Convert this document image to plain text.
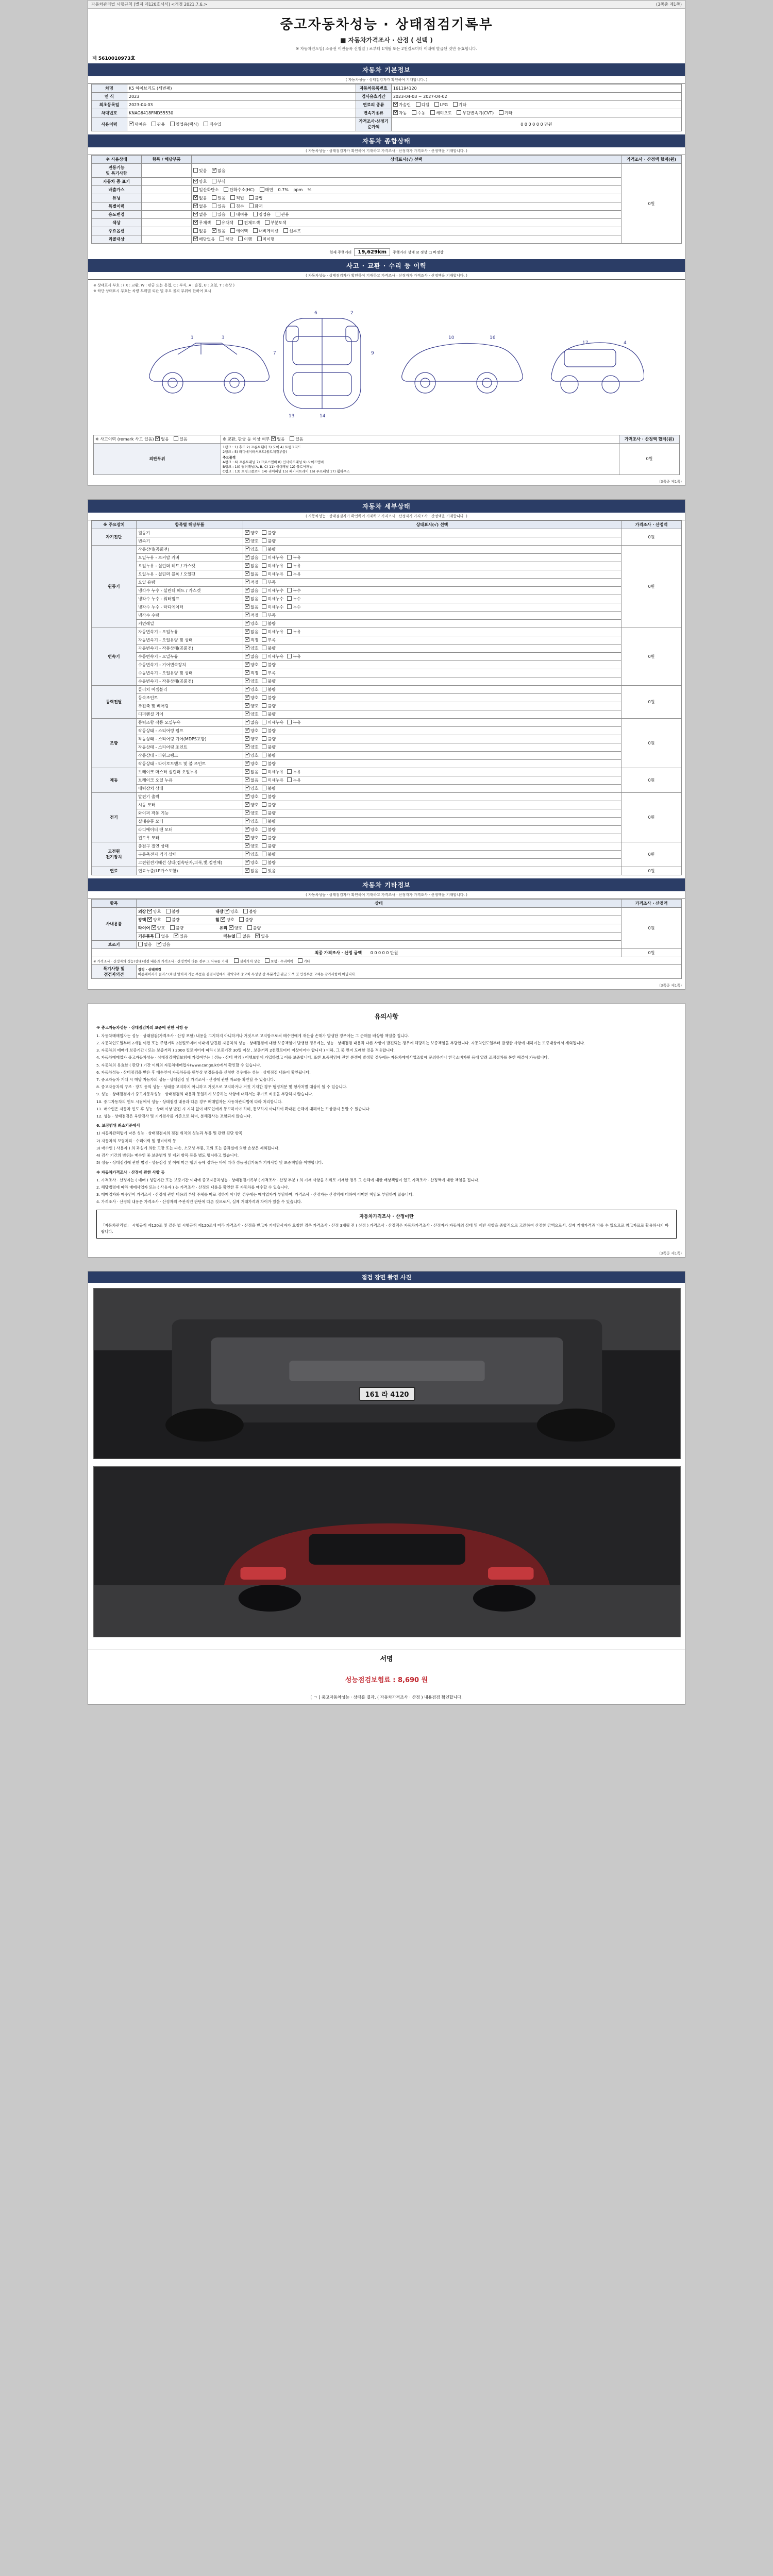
자동차관리법 시행규칙 [별지 제120호서식] <개정 2021.7.6.>	(3쪽중 제1쪽)
중고자동차성능 · 상태점검기록부
■ 자동차가격조사 · 산정 ( 선택 )
※ 자동차인도일( 소유권 이전등록 신청일 ) 로부터 1개월 또는 2천킬로미터 이내에 발급된 것만 유효합니다.
제 5610010973호
자동차 기본정보
( 자동차성능 · 상태점검자가 확인하여 기재합니다. )
차명	K5 하이브리드 (세번째)	자동차등록번호	161194120
연 식	2023	검사유효기간	2023-04-03 ~ 2027-04-02
최초등록일	2023-04-03	연료의 종류	가솔린 디젤 LPG 기타
차대번호	KNAG6418FMD55530	변속기종류	자동 수동 세미오토 무단변속기(CVT) 기타
사용이력	대여용 관용 영업용(택시) 직수입	가격조사·산정기준가액	0 0 0 0 0 0 만원
자동차 종합상태
( 자동차성능 · 상태점검자가 확인하여 기재하고 가격조사 · 산정자가 가격조사 · 산정액을 기재합니다. )
※ 사용상태	항목 / 해당부품	상태표시(√) 선택	가격조사 · 산정액 합계(원)
전동기능
및 특기사항		있음 없음	0원
자동차 종 표기		양호 부식	
배출가스		일산화탄소 탄화수소(HC) 매연 0.7% ppm %	
튜닝		없음 있음 적법 불법	
특별이력		없음 있음 침수 화재	
용도변경		없음 있음 대여용 영업용 관용	
색상		무채색 유채색 전체도색 부분도색	
주요옵션		없음 있음 에어백 내비게이션 선루프	
리콜대상		해당없음 해당 이행 미이행	
현재 주행거리 19,629km 주행거리 상태 ☑ 정상 □ 비정상
사고 · 교환 · 수리 등 이력
( 자동차성능 · 상태점검자가 확인하여 기재하고 가격조사 · 산정자가 가격조사 · 산정액을 기재합니다. )
※ 상태표시 부호 : ( X : 교환, W : 판금 또는 용접, C : 부식, A : 흠집, U : 요철, T : 손상 )
※ 하단 상태표시 부호는 차량 부위별 외판 및 주요 골격 부위에 한하여 표시
1	3
6	2
14
13
9
7
10	16
17	4
※ 사고이력 (remark 사고 있음) 없음 있음	※ 교환, 판금 등 이상 여부 없음 있음	가격조사 · 산정액 합계(원)
외판부위	
1랭크 : 1) 후드 2) 프론트휀더 3) 도어 4) 트렁크리드
2랭크 : 5) 라디에이터서포트(볼트체결부품)
주요골격
A랭크 : 6) 프론트패널 7) 크로스멤버 8) 인사이드패널 9) 사이드멤버
B랭크 : 10) 필러패널(A, B, C) 11) 대쉬패널 12) 플로어패널
C랭크 : 13) 트렁크플로어 14) 리어패널 15) 패키지트레이 16) 루프패널 17) 휠하우스
	0원
(3쪽중 제1쪽)
자동차 세부상태
( 자동차성능 · 상태점검자가 확인하여 기재하고 가격조사 · 산정자가 가격조사 · 산정액을 기재합니다. )
※ 주요장치	항목별 해당부품	상태표시(√) 선택	가격조사 · 산정액
자기진단	원동기	양호 불량	0원
	변속기	양호 불량	
원동기	작동상태(공회전)	양호 불량	0원
	오일누유 - 로커암 커버	없음 미세누유 누유	
	오일누유 - 실린더 헤드 / 가스켓	없음 미세누유 누유	
	오일누유 - 실린더 블록 / 오일팬	없음 미세누유 누유	
	오일 유량	적정 부족	
	냉각수 누수 - 실린더 헤드 / 가스켓	없음 미세누수 누수	
	냉각수 누수 - 워터펌프	없음 미세누수 누수	
	냉각수 누수 - 라디에이터	없음 미세누수 누수	
	냉각수 수량	적정 부족	
	커먼레일	양호 불량	
변속기	자동변속기 - 오일누유	없음 미세누유 누유	0원
	자동변속기 - 오일유량 및 상태	적정 부족	
	자동변속기 - 작동상태(공회전)	양호 불량	
	수동변속기 - 오일누유	없음 미세누유 누유	
	수동변속기 - 기어변속장치	양호 불량	
	수동변속기 - 오일유량 및 상태	적정 부족	
	수동변속기 - 작동상태(공회전)	양호 불량	
동력전달	클러치 어셈블리	양호 불량	0원
	등속조인트	양호 불량	
	추진축 및 베어링	양호 불량	
	디퍼렌셜 기어	양호 불량	
조향	동력조향 작동 오일누유	없음 미세누유 누유	0원
	작동상태 - 스티어링 펌프	양호 불량	
	작동상태 - 스티어링 기어(MDPS포함)	양호 불량	
	작동상태 - 스티어링 조인트	양호 불량	
	작동상태 - 파워크랭크	양호 불량	
	작동상태 - 타이로드엔드 및 볼 조인트	양호 불량	
제동	브레이크 마스터 실린더 오일누유	없음 미세누유 누유	0원
	브레이크 오일 누유	없음 미세누유 누유	
	배력장치 상태	양호 불량	
전기	발전기 출력	양호 불량	0원
	시동 모터	양호 불량	
	와이퍼 작동 기능	양호 불량	
	실내송풍 모터	양호 불량	
	라디에이터 팬 모터	양호 불량	
	윈도우 모터	양호 불량	
고전원
전기장치	충전구 절연 상태	양호 불량	0원
	구동축전지 격리 상태	양호 불량	
	고전원전기배선 상태(접속단자,피복,빛,절연체)	양호 불량	
연료	연료누출(LP가스포함)	없음 있음	0원
자동차 기타정보
( 자동차성능 · 상태점검자가 확인하여 기재하고 가격조사 · 산정자가 가격조사 · 산정액을 기재합니다. )
항목	상태	가격조사 · 산정액
사내용품	외장 양호 불량 내장 양호 불량	0원
	광택 양호 불량 휠 양호 불량	
	타이어 양호 불량 유리 양호 불량	
	기본품목 없음 있음 매뉴얼 없음 있음	
보조키	없음 있음	
최종 가격조사 · 산정 금액 0 0 0 0 0 만원		0원
※ 가격조사 · 산정자의 성능(상태)점검 내용과 가격조사 · 산정액이 다른 경우 그 사유를 기재 실제가치 상승 보험 · 수리이력 기타		
특기사항 및
점검자의견	
감정 · 상태점검
빠른페이지가 클라스(차선 탈퇴지 기능 부품은 검검시험에서 제외되며 중고차 특성상 상 부분적인 판금 도색 및 만성부품 교체는 감가사항이 아닙니다.
(3쪽중 제1쪽)
유의사항

※ 중고자동차성능 · 상태점검자의 보증에 관한 사항 등

1. 자동차매매업자는 성능 · 상태점검(가격조사 · 산정 포함) 내용을 고지하지 아니하거나 거짓으로 고지함으로써 매수인에게 재산상 손해가 발생한 경우에는 그 손해를 배상할 책임을 집니다.
2. 자동차인도일부터 2개월 이전 또는 주행거리 2천킬로미터 이내에 발견된 자동차의 성능 · 상태점검에 대한 보증책임이 발생한 경우에는, 성능 · 상태점검 내용과 다른 사항이 발견되는 경우에 해당하는 보증책임을 부담합니다. 자동차인도일부터 발생한 사항에 대하여는 보증대상에서 제외됩니다.
3. 자동차의 매매에 보증기간 ( 또는 보증거리 ) 2000 킬로미터에 따라 ( 보증기간 30일 이상 , 보증거리 2천킬로미터 이상이어야 합니다 ) 이하, 그 중 먼저 도래한 것을 적용합니다.
4. 자동차매매업자 중고자동차성능 · 상태점검책임보험에 가입여부는 ( 성능 · 상태 책임 ) 이행보험에 가입하였고 이를 보증합니다. 또한 보증책임에 관한 분쟁이 발생할 경우에는 자동차매매사업조합에 문의하거나 한국소비자원 등에 알려 조정절차를 통한 해결이 가능합니다.
5. 자동차의 유효한 ( 판단 ) 기간 이외의 자동차매매업자(www.car.go.kr)에서 확인할 수 있습니다.
6. 자동차성능 · 상태점검을 받은 후 매수인이 자동차등록 원부상 변경등록을 신청한 경우에는 성능 · 상태점검 내용이 확인됩니다.
7. 중고자동차 거래 시 해당 자동차의 성능 · 상태점검 및 가격조사 · 산정에 관한 자료를 확인할 수 있습니다.
8. 중고자동차의 구조 · 장치 등의 성능 · 상태를 고지하지 아니하고 거짓으로 고지하거나 거짓 기재한 경우 행정처분 및 형사처벌 대상이 될 수 있습니다.
9. 성능 · 상태점검자가 중고자동차성능 · 상태점검의 내용과 동일하게 보증하는 사항에 대해서는 추가로 비용을 부담하지 않습니다.
10. 중고자동차의 인도 시점에서 성능 · 상태점검 내용과 다른 경우 매매업자는 자동차관리법에 따라 처리합니다.
11. 매수인은 자동차 인도 후 성능 · 상태 이상 발견 시 지체 없이 매도인에게 통보하여야 하며, 통보하지 아니하여 확대된 손해에 대해서는 보상받지 못할 수 있습니다.
12. 성능 · 상태점검은 육안검사 및 기기검사를 기준으로 하며, 분해검사는 포함되지 않습니다.

6. 보장범위 최소기준에서

1) 자동차관리법에 따른 성능 · 상태점검자의 점검 위치의 성능과 부품 및 관련 진단 항목
2) 자동차의 보험처리 · 수리이력 및 정비이력 등
3) 매수인 ( 사용자 ) 의 과실에 의한 고장 또는 파손, 소모성 부품, 고의 또는 중과실에 의한 손상은 제외됩니다.
4) 검사 기간의 범위는 매수인 중 보증범위 및 제외 항목 등을 별도 명시하고 있습니다.
5) 성능 · 상태점검에 관한 법령 · 성능점검 및 이에 따른 행위 등에 정하는 바에 따라 성능점검기록부 기재사항 및 보증책임을 이행합니다.

※ 자동차가격조사 · 산정에 관한 사항 등

1. 가격조사 · 산정자는 ( 매매 ) 성립기간 또는 보증기간 이내에 중고자동차성능 · 상태점검기록부 ( 가격조사 · 산정 부분 ) 의 기재 사항을 허위로 기재한 경우 그 손해에 대한 배상책임이 있고 가격조사 · 산정액에 대한 책임을 집니다.
2. 해당법령에 따라 매매사업자 또는 ( 사용자 ) 는 가격조사 · 산정의 내용을 확인한 후 자동차를 매수할 수 있습니다.
3. 매매업자와 매수인이 가격조사 · 산정에 관한 비용의 부담 주체를 따로 정하지 아니한 경우에는 매매업자가 부담하며, 가격조사 · 산정자는 산정액에 대하여 어떠한 책임도 부담하지 않습니다.
4. 가격조사 · 산정의 내용은 가격조사 · 산정자의 주관적인 판단에 따른 것으로서, 실제 거래가격과 차이가 있을 수 있습니다.
자동차가격조사 · 산정이란
「자동차관리법」 시행규칙 제120조 및 같은 법 시행규칙 제120조에 따라 가격조사 · 산정을 받고자 거래당사자가 요청한 경우 가격조사 · 산정 3개월 전 ( 산정 ) 가격조사 · 산정액은 자동차가격조사 · 산정자가 자동차의 상태 및 제반 사항을 종합적으로 고려하여 산정한 금액으로서, 실제 거래가격과 다를 수 있으므로 참고자료로 활용하시기 바랍니다.
(3쪽중 제1쪽)
점검 장면 촬영 사진
161 라 4120
서명
성능점검보험료 : 8,690 원
[ ㄱ ] 중고자동차성능 · 상태를 결과, ( 자동차가격조사 · 산정 ) 내용검검 확인합니다.
